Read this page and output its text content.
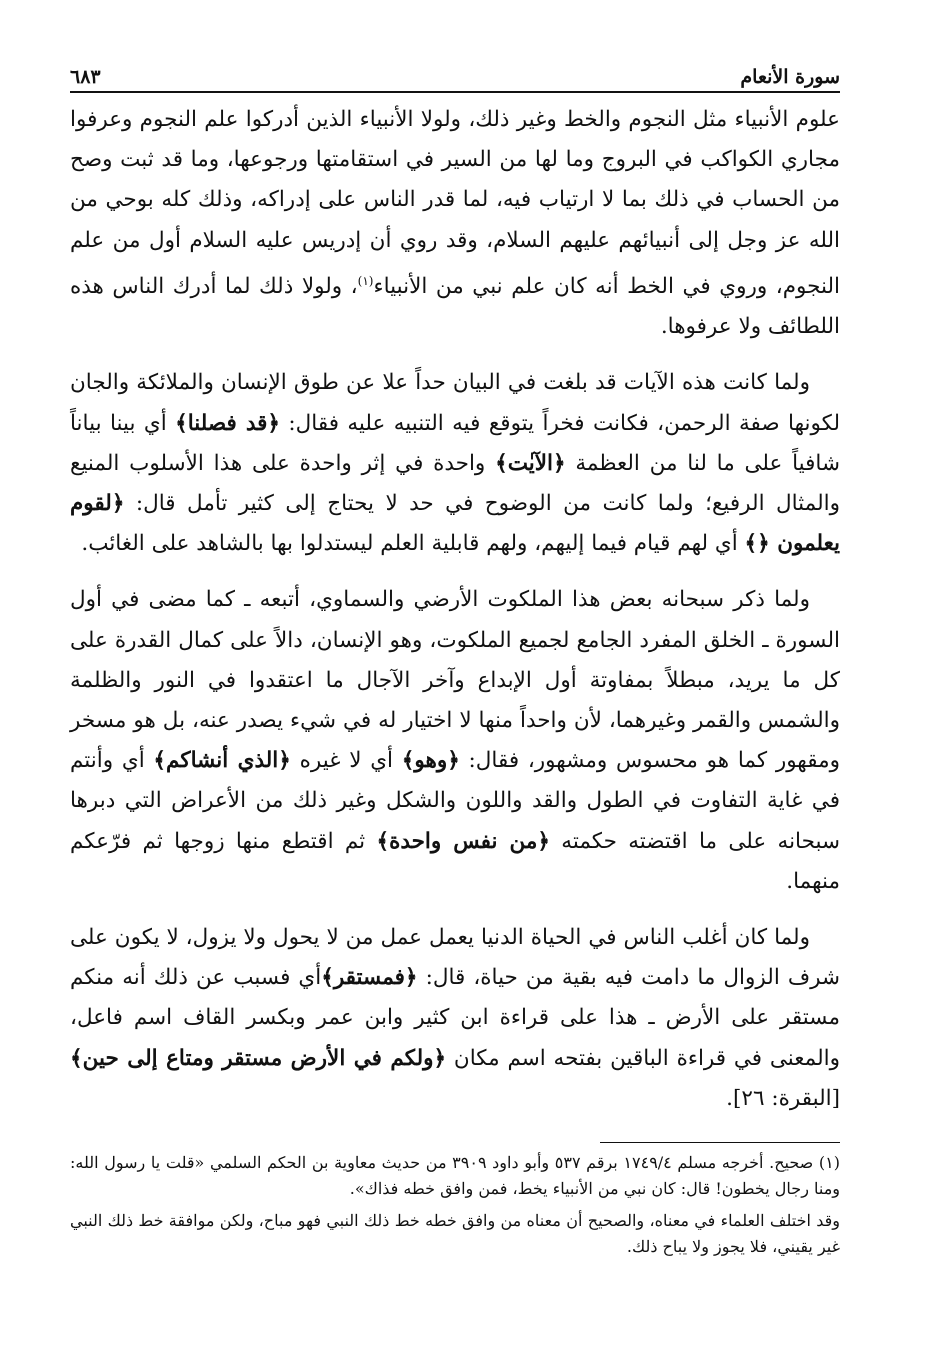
سورة الأنعام
٦٨٣

علوم الأنبياء مثل النجوم والخط وغير ذلك، ولولا الأنبياء الذين أدركوا علم النجوم وعرفوا مجاري الكواكب في البروج وما لها من السير في استقامتها ورجوعها، وما قد ثبت وصح من الحساب في ذلك بما لا ارتياب فيه، لما قدر الناس على إدراكه، وذلك كله بوحي من الله عز وجل إلى أنبيائهم عليهم السلام، وقد روي أن إدريس عليه السلام أول من علم النجوم، وروي في الخط أنه كان علم نبي من الأنبياء$^{(١)}$، ولولا ذلك لما أدرك الناس هذه اللطائف ولا عرفوها.

ولما كانت هذه الآيات قد بلغت في البيان حداً علا عن طوق الإنسان والملائكة والجان لكونها صفة الرحمن، فكانت فخراً يتوقع فيه التنبيه عليه فقال: ﴿قد فصلنا﴾ أي بينا بياناً شافياً على ما لنا من العظمة ﴿الآيٰت﴾ واحدة في إثر واحدة على هذا الأسلوب المنيع والمثال الرفيع؛ ولما كانت من الوضوح في حد لا يحتاج إلى كثير تأمل قال: ﴿لقوم يعلمون ﴿﴾ أي لهم قيام فيما إليهم، ولهم قابلية العلم ليستدلوا بها بالشاهد على الغائب.

ولما ذكر سبحانه بعض هذا الملكوت الأرضي والسماوي، أتبعه ـ كما مضى في أول السورة ـ الخلق المفرد الجامع لجميع الملكوت، وهو الإنسان، دالاً على كمال القدرة على كل ما يريد، مبطلاً بمفاوتة أول الإبداع وآخر الآجال ما اعتقدوا في النور والظلمة والشمس والقمر وغيرهما، لأن واحداً منها لا اختيار له في شيء يصدر عنه، بل هو مسخر ومقهور كما هو محسوس ومشهور، فقال: ﴿وهو﴾ أي لا غيره ﴿الذي أنشاكم﴾ أي وأنتم في غاية التفاوت في الطول والقد واللون والشكل وغير ذلك من الأعراض التي دبرها سبحانه على ما اقتضته حكمته ﴿من نفس واحدة﴾ ثم اقتطع منها زوجها ثم فرّعكم منهما.

ولما كان أغلب الناس في الحياة الدنيا يعمل عمل من لا يحول ولا يزول، لا يكون على شرف الزوال ما دامت فيه بقية من حياة، قال: ﴿فمستقر﴾أي فسبب عن ذلك أنه منكم مستقر على الأرض ـ هذا على قراءة ابن كثير وابن عمر وبكسر القاف اسم فاعل، والمعنى في قراءة الباقين بفتحه اسم مكان ﴿ولكم في الأرض مستقر ومتاع إلى حين﴾ [البقرة: ٢٦].

(١) صحيح. أخرجه مسلم ١٧٤٩/٤ برقم ٥٣٧ وأبو داود ٣٩٠٩ من حديث معاوية بن الحكم السلمي «قلت يا رسول الله: ومنا رجال يخطون! قال: كان نبي من الأنبياء يخط، فمن وافق خطه فذاك».

وقد اختلف العلماء في معناه، والصحيح أن معناه من وافق خطه خط ذلك النبي فهو مباح، ولكن موافقة خط ذلك النبي غير يقيني، فلا يجوز ولا يباح ذلك.
